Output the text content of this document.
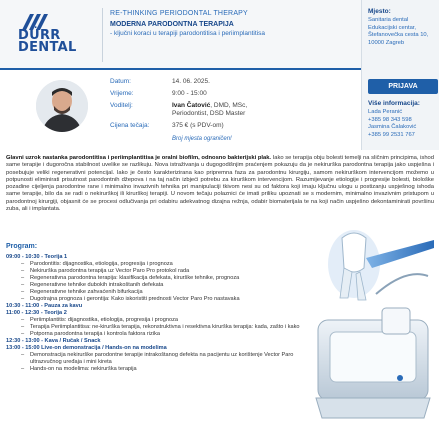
DÜRR DENTAL
RE-THINKING PERIODONTAL THERAPY
MODERNA PARODONTNA TERAPIJA
- ključni koraci u terapiji parodontitisa i periimplantitisa
Datum:	14. 06. 2025.
Vrijeme:	9:00 - 15:00
Voditelj:	Ivan Čatović, DMD, MSc,
Periodontist, DSD Master
Cijena tečaja:	375 € (s PDV-om)
Broj mjesta ograničen!
Mjesto:
Sanitaria dental
Edukacijski centar,
Štefanovečka cesta 10,
10000 Zagreb
PRIJAVA
Više informacija:
Lada Peranić
+385 98 343 598
Jasmina Čalaković
+385 99 2531 767
Glavni uzrok nastanka parodontitisa i periimplantitisa je oralni biofilm, odnosno bakterijski plak. Iako se terapija obju bolesti temelji na sličnim principima, ishod same terapije i dugoročna stabilnost uvelike se razlikuju. Nova istraživanja u dugogodišnjim praćenjem pokazuju da je nekirurška parodontna terapija jako uspješna i posebujuje veliki regenerativni potencijal. Iako je često karakterizirana kao pripremna faza za parodontnu kirurgiju, samom nekirurškom intervencijom možemo u potpunosti eliminirati prisutnost parodontnih džepova i na taj način izbjeći potrebu za kirurškom intervencijom. Razumijevanje etiologije i progresije bolesti, biološke pozadine cijeljenja parodontne rane i minimalno invazivnih tehnika pri manipulaciji tkivom nesi su od faktora koji imaju ključnu ulogu u postizanju uspješnog ishoda same terapije, bilo da se radi o nekirurškoj ili kirurškoj terapiji. U novom tečaju polaznici će imati priliku upoznati se s modernim, minimalno invazivnim pristupom u parodontnoj kirurgiji, objasnit će se procesi odlučivanja pri odabiru adekvatnog dizajna režnja, odabir biomaterijala te na koji način uspješno dekontaminirati površinu zuba, ali i implantata.
Program:
09:00 - 10:30 - Teorija 1
– Parodontitis: dijagnostika, etiologija, progresija i prognoza
– Nekirurška parodontna terapija uz Vector Paro Pro protokol rada
– Regenerativna parodontna terapija: klasifikacija defekata, kirurške tehnike, prognoza
– Regenerativne tehnike dubokih intrakoštanih defekata
– Regenerativne tehnike zahvaćenih bifurkacija
– Dugotrajna prognoza i gerontija: Kako iskoristiti prednosti Vector Paro Pro nastavaka
10:30 - 11:00 - Pauza za kavu
11:00 - 12:30 - Teorija 2
– Periimplantitis: dijagnostika, etiologija, progresija i prognoza
– Terapija Periimplantitisa: ne-kirurška terapija, rekonstruktivna i resektivna kirurška terapija: kada, zašto i kako
– Potporna parodontna terapija i kontrola faktora rizika
12:30 - 13:00 - Kava / Ručak / Snack
13:00 - 15:00 Live-on demonstracija / Hands-on na modelima
– Demonstracija nekirurške parodontne terapije intrakoštanog defekta na pacijentu uz korištenje Vector Paro ultrazvučnog uređaja i mini kireta
– Hands-on na modelima: nekirurška terapija
